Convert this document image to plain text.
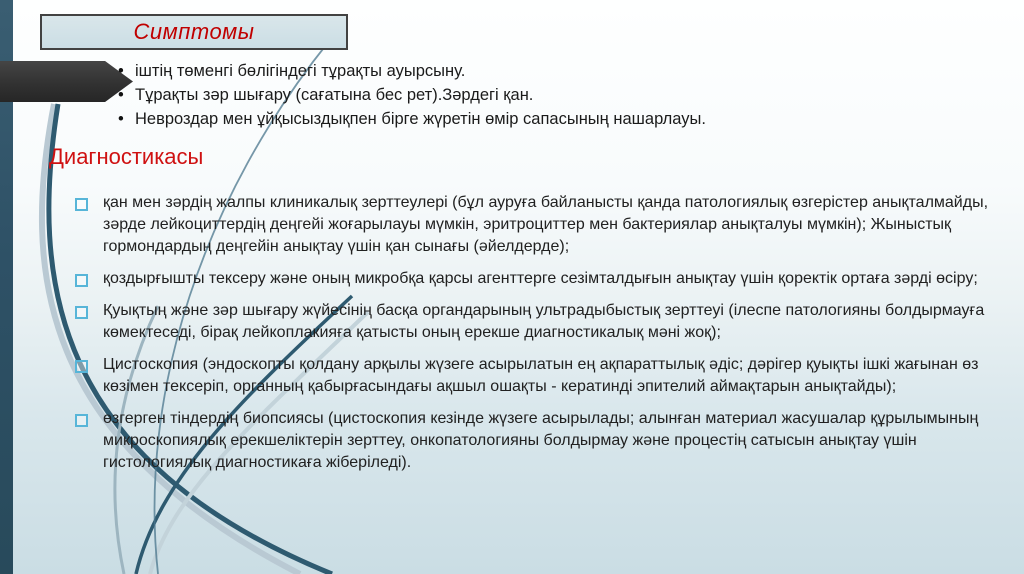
Симптомы
• іштің төменгі бөлігіндегі тұрақты ауырсыну.
• Тұрақты зәр шығару (сағатына бес рет).Зәрдегі қан.
• Невроздар мен ұйқысыздықпен бірге жүретін өмір сапасының нашарлауы.
Диагностикасы
қан мен зәрдің жалпы клиникалық зерттеулері (бұл ауруға байланысты қанда патологиялық өзгерістер анықталмайды, зәрде лейкоциттердің деңгейі жоғарылауы мүмкін, эритроциттер мен бактериялар анықталуы мүмкін); Жыныстық гормондардың деңгейін анықтау үшін қан сынағы (әйелдерде);
қоздырғышты тексеру және оның микробқа қарсы агенттерге сезімталдығын анықтау үшін қоректік ортаға зәрді өсіру;
Қуықтың және зәр шығару жүйесінің басқа органдарының ультрадыбыстық зерттеуі (ілеспе патологияны болдырмауға көмектеседі, бірақ лейкоплакияға қатысты оның ерекше диагностикалық мәні жоқ);
Цистоскопия (эндоскопты қолдану арқылы жүзеге асырылатын ең ақпараттылық әдіс; дәрігер қуықты ішкі жағынан өз көзімен тексеріп, органның қабырғасындағы ақшыл ошақты - кератинді эпителий аймақтарын анықтайды);
өзгерген тіндердің биопсиясы (цистоскопия кезінде жүзеге асырылады; алынған материал жасушалар құрылымының микроскопиялық ерекшеліктерін зерттеу, онкопатологияны болдырмау және процестің сатысын анықтау үшін гистологиялық диагностикаға жіберіледі).
